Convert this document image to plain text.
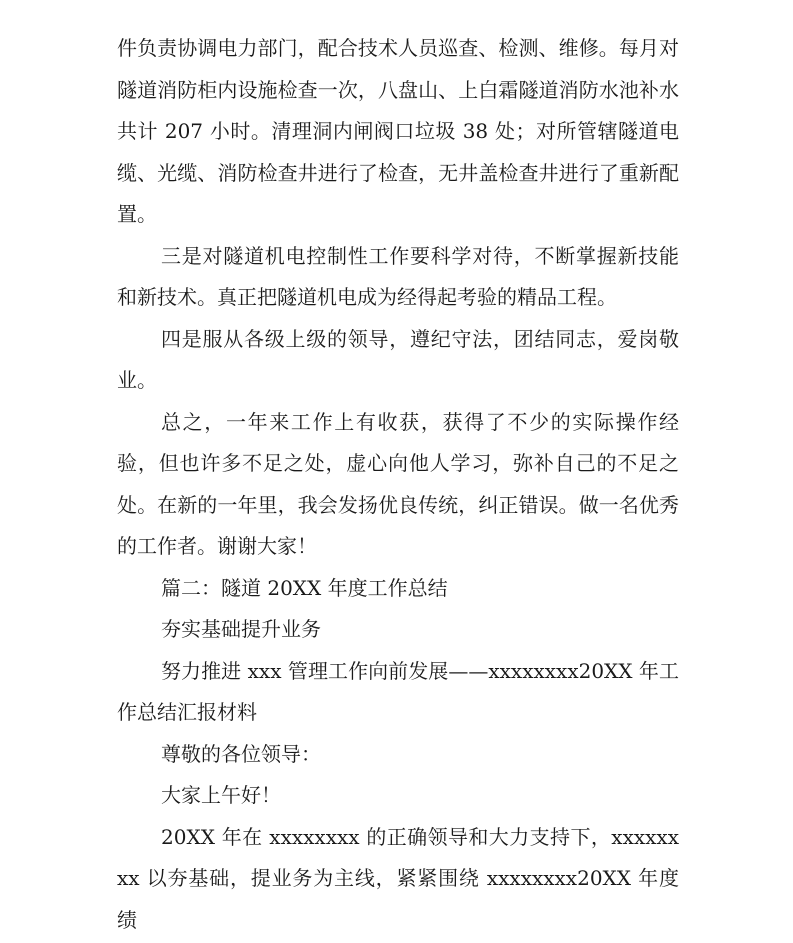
件负责协调电力部门，配合技术人员巡查、检测、维修。每月对隧道消防柜内设施检查一次，八盘山、上白霜隧道消防水池补水共计 207 小时。清理洞内闸阀口垃圾 38 处；对所管辖隧道电缆、光缆、消防检查井进行了检查，无井盖检查井进行了重新配置。

三是对隧道机电控制性工作要科学对待，不断掌握新技能和新技术。真正把隧道机电成为经得起考验的精品工程。

四是服从各级上级的领导，遵纪守法，团结同志，爱岗敬业。

总之，一年来工作上有收获，获得了不少的实际操作经验，但也许多不足之处，虚心向他人学习，弥补自己的不足之处。在新的一年里，我会发扬优良传统，纠正错误。做一名优秀的工作者。谢谢大家！

篇二：隧道 20XX 年度工作总结

夯实基础提升业务

努力推进 xxx 管理工作向前发展——xxxxxxxx20XX 年工作总结汇报材料

尊敬的各位领导：

大家上午好！

20XX 年在 xxxxxxxx 的正确领导和大力支持下，xxxxxxxx 以夯基础，提业务为主线，紧紧围绕 xxxxxxxx20XX 年度绩
